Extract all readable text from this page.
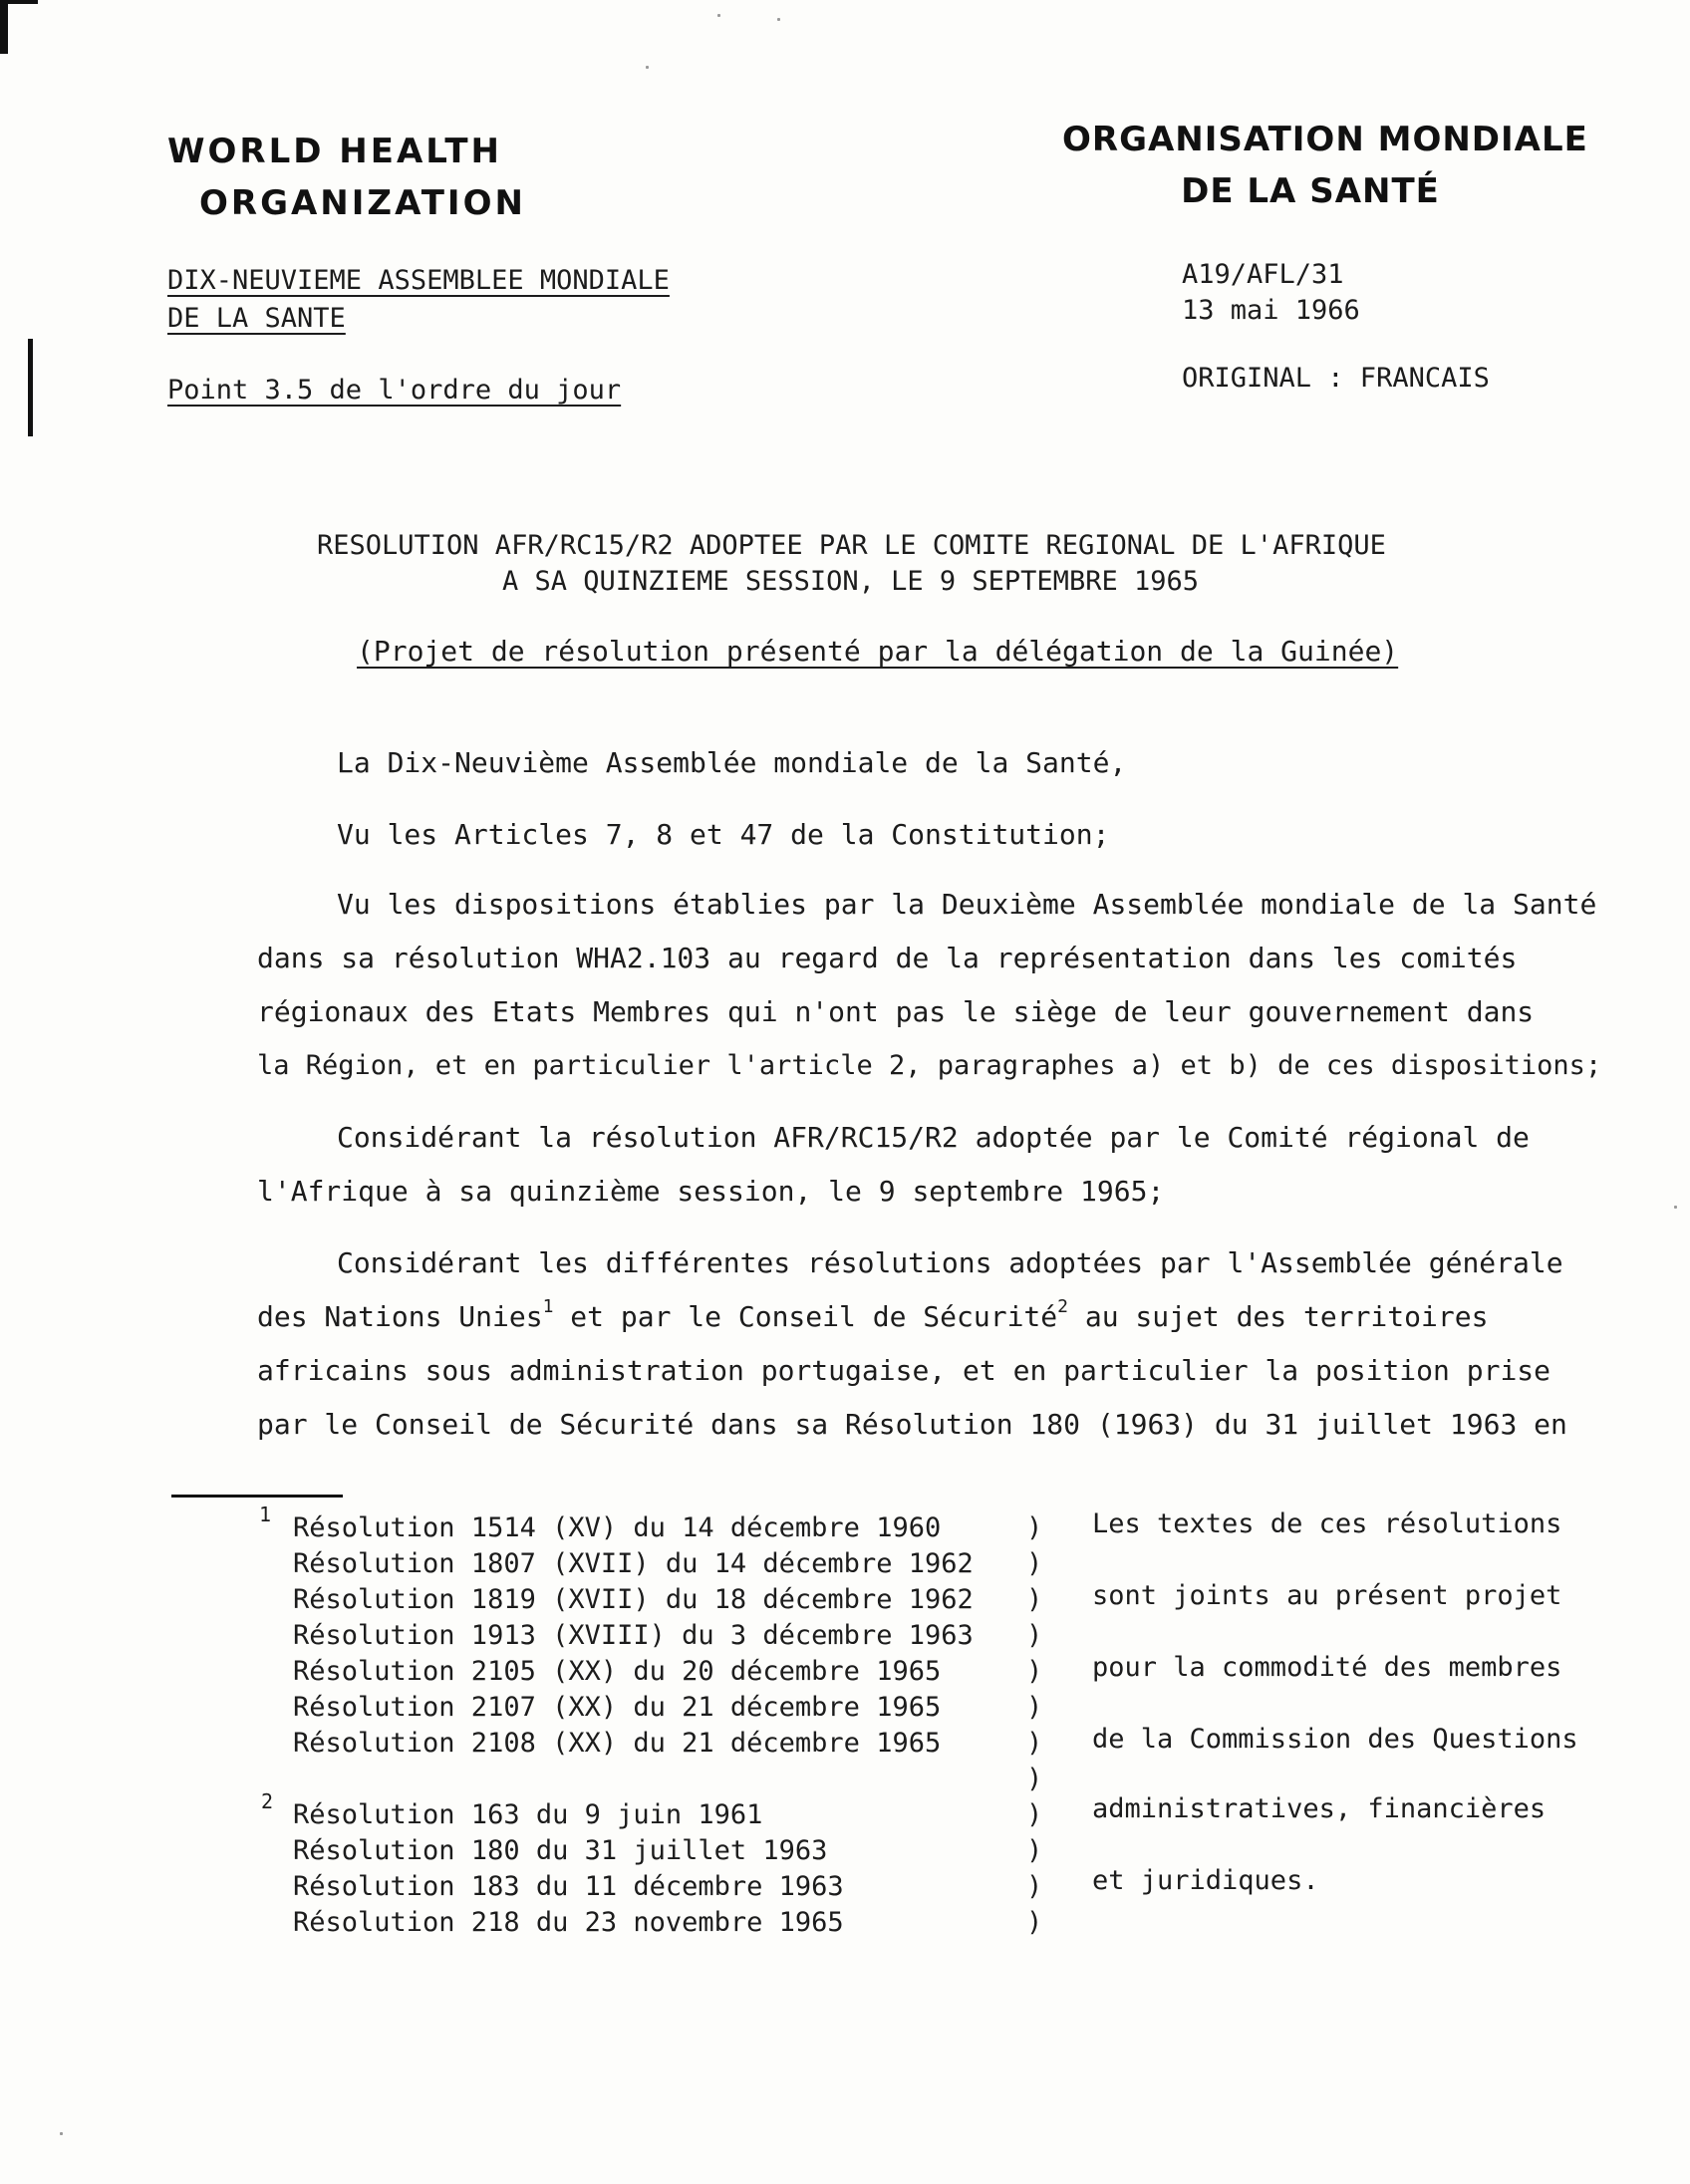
WORLD HEALTH
ORGANIZATION
ORGANISATION MONDIALE
DE LA SANTÉ
DIX-NEUVIEME ASSEMBLEE MONDIALE
DE LA SANTE
Point 3.5 de l'ordre du jour
A19/AFL/31
13 mai 1966
ORIGINAL : FRANCAIS
RESOLUTION AFR/RC15/R2 ADOPTEE PAR LE COMITE REGIONAL DE L'AFRIQUE
A SA QUINZIEME SESSION, LE 9 SEPTEMBRE 1965
(Projet de résolution présenté par la délégation de la Guinée)
La Dix-Neuvième Assemblée mondiale de la Santé,
Vu les Articles 7, 8 et 47 de la Constitution;
Vu les dispositions établies par la Deuxième Assemblée mondiale de la Santé
dans sa résolution WHA2.103 au regard de la représentation dans les comités
régionaux des Etats Membres qui n'ont pas le siège de leur gouvernement dans
la Région, et en particulier l'article 2, paragraphes a) et b) de ces dispositions;
Considérant la résolution AFR/RC15/R2 adoptée par le Comité régional de
l'Afrique à sa quinzième session, le 9 septembre 1965;
Considérant les différentes résolutions adoptées par l'Assemblée générale
des Nations Unies$^1$ et par le Conseil de Sécurité$^2$ au sujet des territoires
africains sous administration portugaise, et en particulier la position prise
par le Conseil de Sécurité dans sa Résolution 180 (1963) du 31 juillet 1963 en
1 Résolution 1514 (XV) du 14 décembre 1960
Résolution 1807 (XVII) du 14 décembre 1962
Résolution 1819 (XVII) du 18 décembre 1962
Résolution 1913 (XVIII) du 3 décembre 1963
Résolution 2105 (XX) du 20 décembre 1965
Résolution 2107 (XX) du 21 décembre 1965
Résolution 2108 (XX) du 21 décembre 1965
2 Résolution 163 du 9 juin 1961
Résolution 180 du 31 juillet 1963
Résolution 183 du 11 décembre 1963
Résolution 218 du 23 novembre 1965
)
)
)
)
)
)
)
)
)
)
)
)
Les textes de ces résolutions
sont joints au présent projet
pour la commodité des membres
de la Commission des Questions
administratives, financières
et juridiques.
